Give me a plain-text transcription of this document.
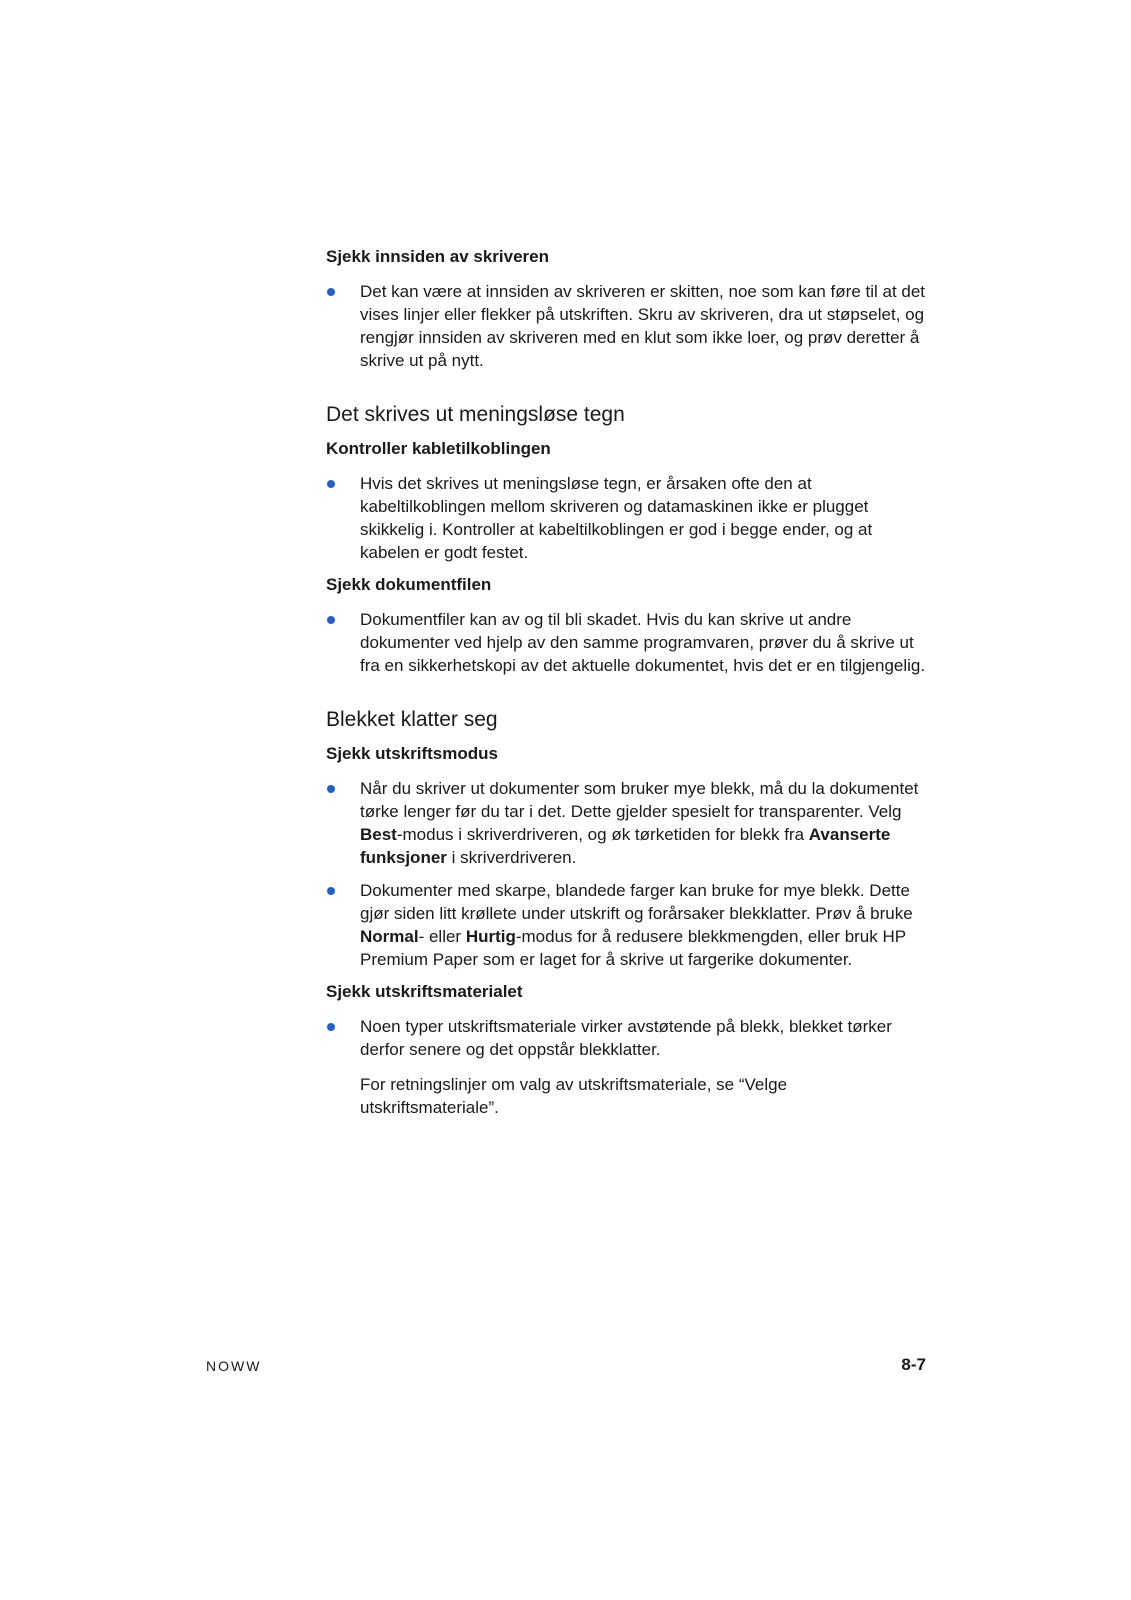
Sjekk innsiden av skriveren
Det kan være at innsiden av skriveren er skitten, noe som kan føre til at det vises linjer eller flekker på utskriften. Skru av skriveren, dra ut støpselet, og rengjør innsiden av skriveren med en klut som ikke loer, og prøv deretter å skrive ut på nytt.
Det skrives ut meningsløse tegn
Kontroller kabletilkoblingen
Hvis det skrives ut meningsløse tegn, er årsaken ofte den at kabeltilkoblingen mellom skriveren og datamaskinen ikke er plugget skikkelig i. Kontroller at kabeltilkoblingen er god i begge ender, og at kabelen er godt festet.
Sjekk dokumentfilen
Dokumentfiler kan av og til bli skadet. Hvis du kan skrive ut andre dokumenter ved hjelp av den samme programvaren, prøver du å skrive ut fra en sikkerhetskopi av det aktuelle dokumentet, hvis det er en tilgjengelig.
Blekket klatter seg
Sjekk utskriftsmodus
Når du skriver ut dokumenter som bruker mye blekk, må du la dokumentet tørke lenger før du tar i det. Dette gjelder spesielt for transparenter. Velg Best-modus i skriverdriveren, og øk tørketiden for blekk fra Avanserte funksjoner i skriverdriveren.
Dokumenter med skarpe, blandede farger kan bruke for mye blekk. Dette gjør siden litt krøllete under utskrift og forårsaker blekklatter. Prøv å bruke Normal- eller Hurtig-modus for å redusere blekkmengden, eller bruk HP Premium Paper som er laget for å skrive ut fargerike dokumenter.
Sjekk utskriftsmaterialet
Noen typer utskriftsmateriale virker avstøtende på blekk, blekket tørker derfor senere og det oppstår blekklatter.
For retningslinjer om valg av utskriftsmateriale, se “Velge utskriftsmateriale”.
NOWW	8-7
